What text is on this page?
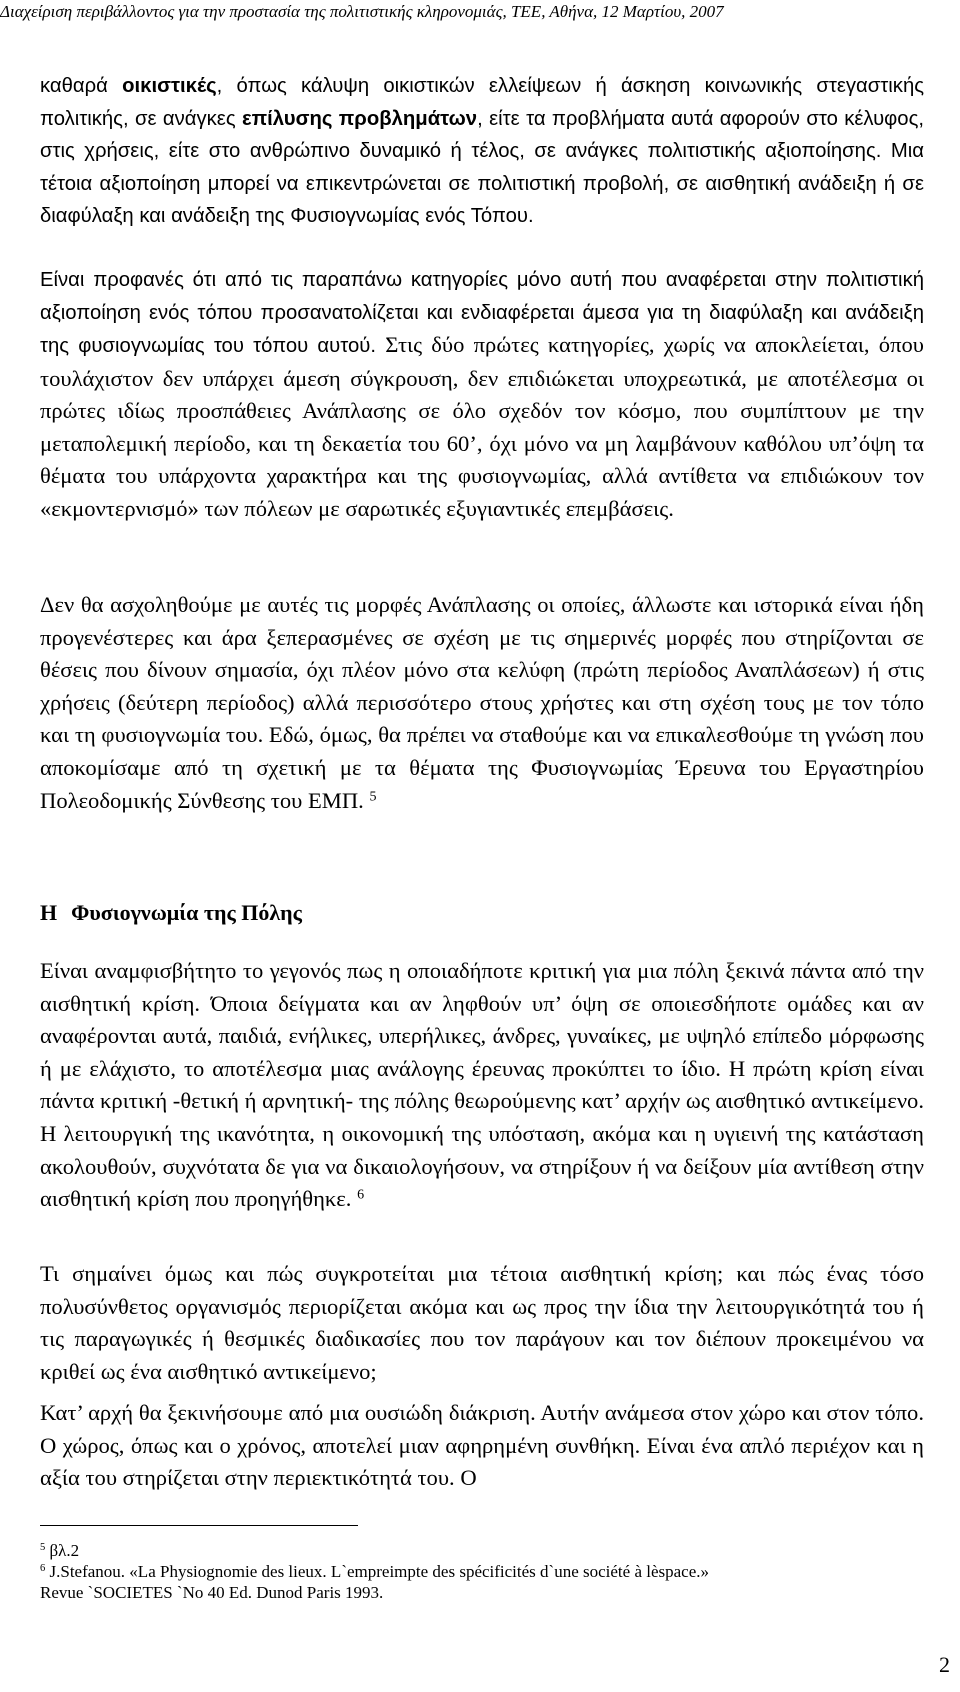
Διαχείριση περιβάλλοντος για την προστασία της πολιτιστικής κληρονομιάς, ΤΕΕ, Αθήνα, 12 Μαρτίου, 2007

καθαρά οικιστικές, όπως κάλυψη οικιστικών ελλείψεων ή άσκηση κοινωνικής στεγαστικής πολιτικής, σε ανάγκες επίλυσης προβλημάτων, είτε τα προβλήματα αυτά αφορούν στο κέλυφος, στις χρήσεις, είτε στο ανθρώπινο δυναμικό ή τέλος, σε ανάγκες πολιτιστικής αξιοποίησης. Μια τέτοια αξιοποίηση μπορεί να επικεντρώνεται σε πολιτιστική προβολή, σε αισθητική ανάδειξη ή σε διαφύλαξη και ανάδειξη της Φυσιογνωμίας ενός Τόπου.

Είναι προφανές ότι από τις παραπάνω κατηγορίες μόνο αυτή που αναφέρεται στην πολιτιστική αξιοποίηση ενός τόπου προσανατολίζεται και ενδιαφέρεται άμεσα για τη διαφύλαξη και ανάδειξη της φυσιογνωμίας του τόπου αυτού. Στις δύο πρώτες κατηγορίες, χωρίς να αποκλείεται, όπου τουλάχιστον δεν υπάρχει άμεση σύγκρουση, δεν επιδιώκεται υποχρεωτικά, με αποτέλεσμα οι πρώτες ιδίως προσπάθειες Ανάπλασης σε όλο σχεδόν τον κόσμο, που συμπίπτουν με την μεταπολεμική περίοδο, και τη δεκαετία του 60’, όχι μόνο να μη λαμβάνουν καθόλου υπ’όψη τα θέματα του υπάρχοντα χαρακτήρα και της φυσιογνωμίας, αλλά αντίθετα να επιδιώκουν τον «εκμοντερνισμό» των πόλεων με σαρωτικές εξυγιαντικές επεμβάσεις.

Δεν θα ασχοληθούμε με αυτές τις μορφές Ανάπλασης οι οποίες, άλλωστε και ιστορικά είναι ήδη προγενέστερες και άρα ξεπερασμένες σε σχέση με τις σημερινές μορφές που στηρίζονται σε θέσεις που δίνουν σημασία, όχι πλέον μόνο στα κελύφη (πρώτη περίοδος Αναπλάσεων) ή στις χρήσεις (δεύτερη περίοδος) αλλά περισσότερο στους χρήστες και στη σχέση τους με τον τόπο και τη φυσιογνωμία του. Εδώ, όμως, θα πρέπει να σταθούμε και να επικαλεσθούμε τη γνώση που αποκομίσαμε από τη σχετική με τα θέματα της Φυσιογνωμίας Έρευνα του Εργαστηρίου Πολεοδομικής Σύνθεσης του ΕΜΠ. $^5$

Η Φυσιογνωμία της Πόλης

Είναι αναμφισβήτητο το γεγονός πως η οποιαδήποτε κριτική για μια πόλη ξεκινά πάντα από την αισθητική κρίση. Όποια δείγματα και αν ληφθούν υπ’ όψη σε οποιεσδήποτε ομάδες και αν αναφέρονται αυτά, παιδιά, ενήλικες, υπερήλικες, άνδρες, γυναίκες, με υψηλό επίπεδο μόρφωσης ή με ελάχιστο, το αποτέλεσμα μιας ανάλογης έρευνας προκύπτει το ίδιο. Η πρώτη κρίση είναι πάντα κριτική -θετική ή αρνητική- της πόλης θεωρούμενης κατ’ αρχήν ως αισθητικό αντικείμενο. Η λειτουργική της ικανότητα, η οικονομική της υπόσταση, ακόμα και η υγιεινή της κατάσταση ακολουθούν, συχνότατα δε για να δικαιολογήσουν, να στηρίξουν ή να δείξουν μία αντίθεση στην αισθητική κρίση που προηγήθηκε. $^6$

Τι σημαίνει όμως και πώς συγκροτείται μια τέτοια αισθητική κρίση; και πώς ένας τόσο πολυσύνθετος οργανισμός περιορίζεται ακόμα και ως προς την ίδια την λειτουργικότητά του ή τις παραγωγικές ή θεσμικές διαδικασίες που τον παράγουν και τον διέπουν προκειμένου να κριθεί ως ένα αισθητικό αντικείμενο;

Κατ’ αρχή θα ξεκινήσουμε από μια ουσιώδη διάκριση. Αυτήν ανάμεσα στον χώρο και στον τόπο. Ο χώρος, όπως και ο χρόνος, αποτελεί μιαν αφηρημένη συνθήκη. Είναι ένα απλό περιέχον και η αξία του στηρίζεται στην περιεκτικότητά του. Ο

$^5$ βλ.2
$^6$ J.Stefanou. «La Physiognomie des lieux. L`empreimpte des spécificités d`une société à lèspace.»
Revue `SOCIETES `No 40 Ed. Dunod Paris 1993.
2
